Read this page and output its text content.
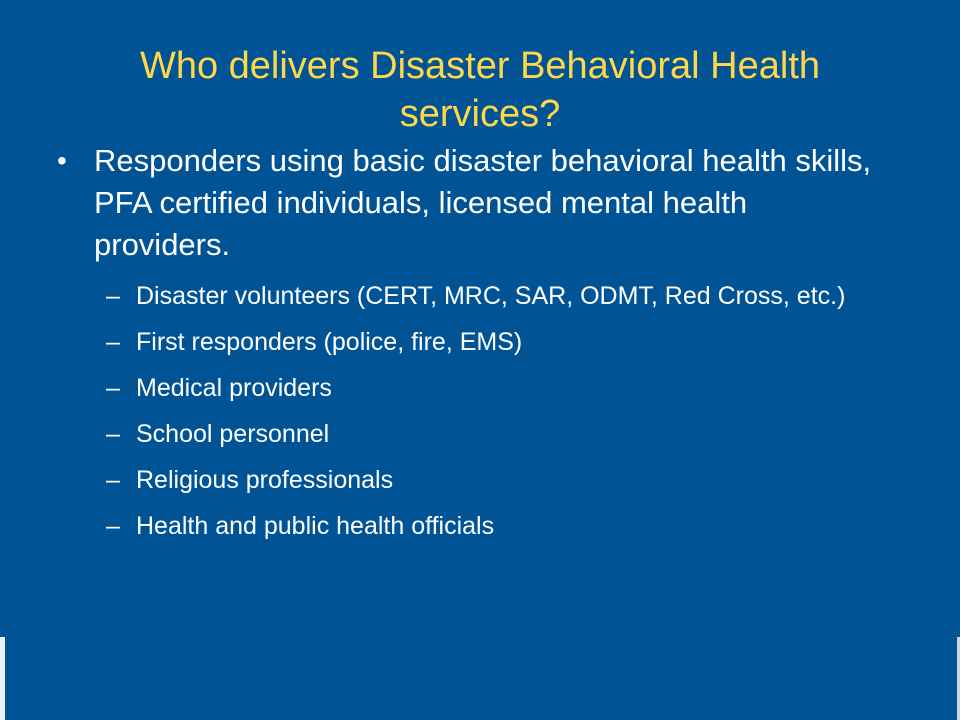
Who delivers Disaster Behavioral Health services?
• Responders using basic disaster behavioral health skills, PFA certified individuals, licensed mental health providers.
– Disaster volunteers (CERT, MRC, SAR, ODMT, Red Cross, etc.)
– First responders (police, fire, EMS)
– Medical providers
– School personnel
– Religious professionals
– Health and public health officials
